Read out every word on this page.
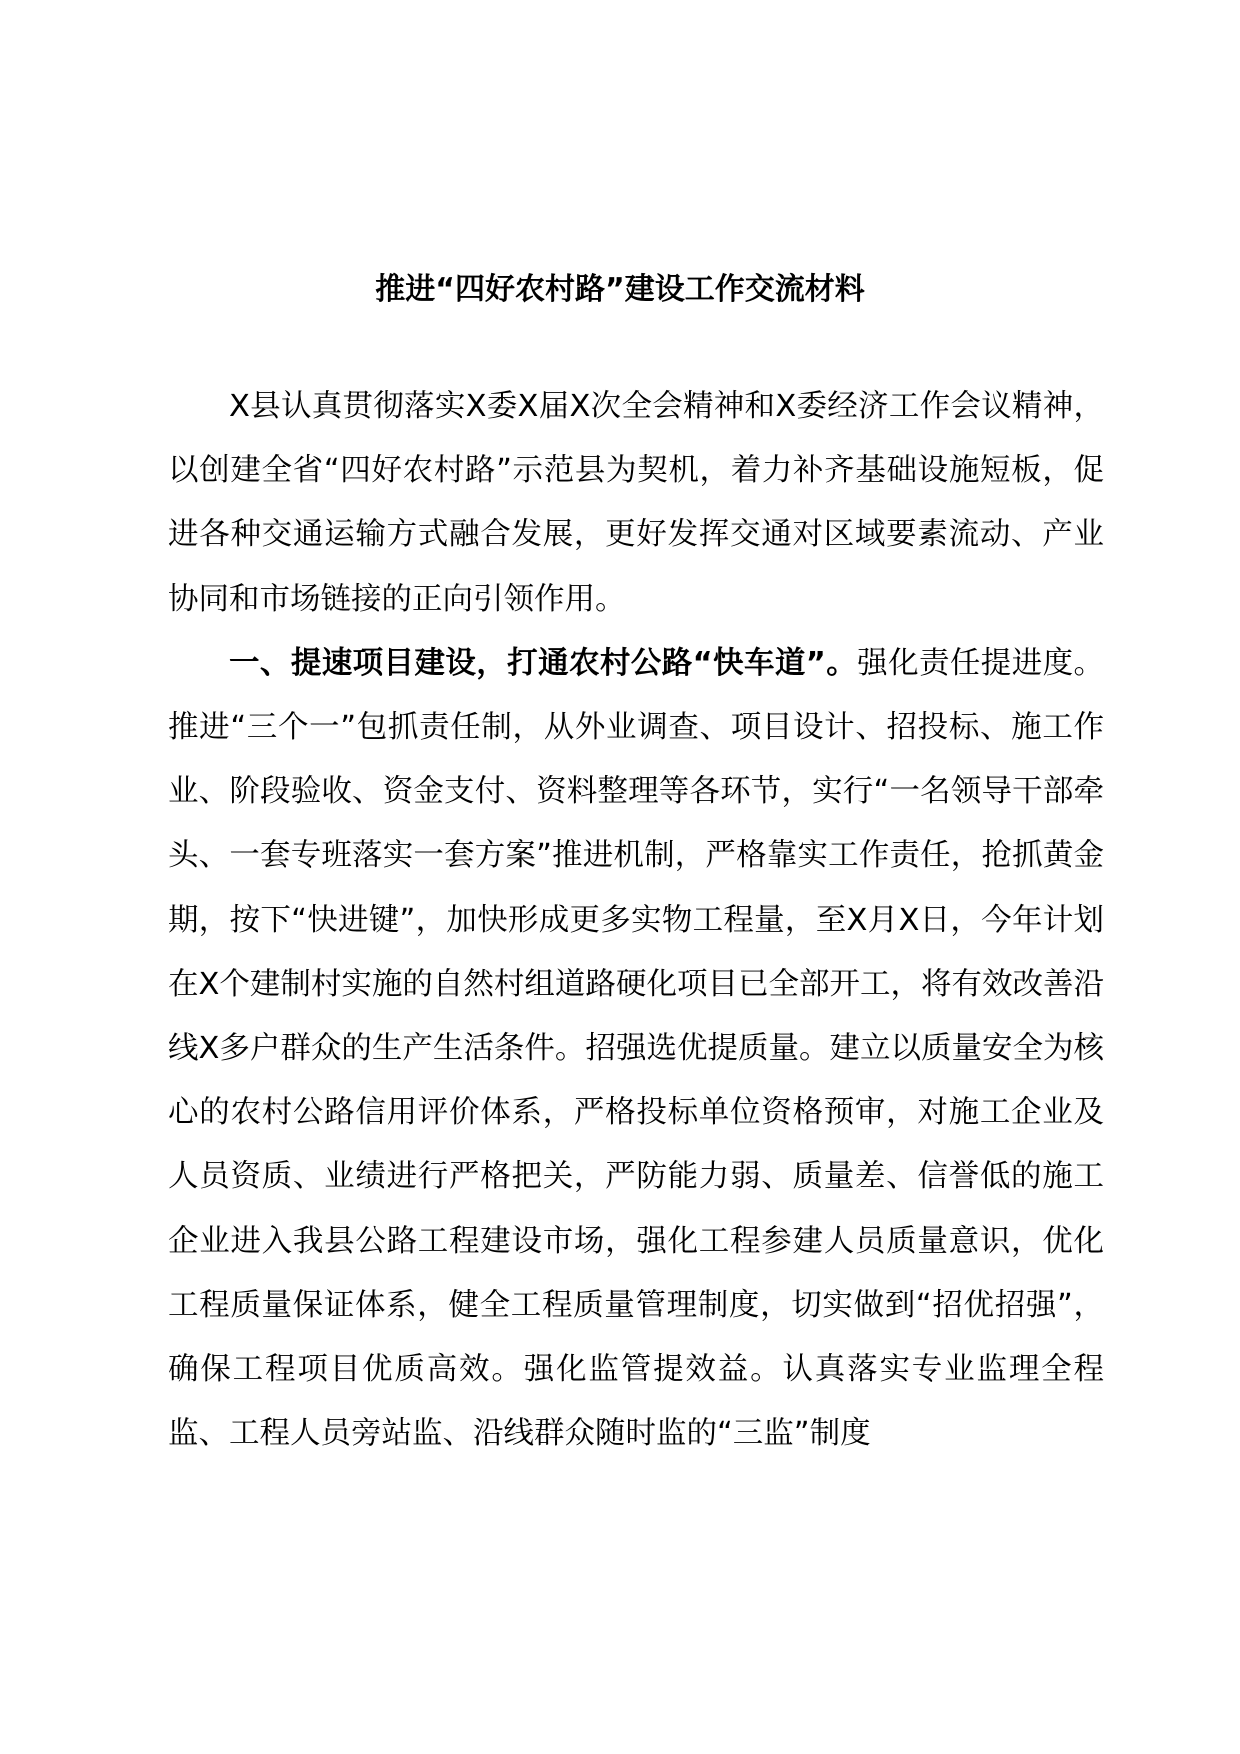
推进“四好农村路”建设工作交流材料

X县认真贯彻落实X委X届X次全会精神和X委经济工作会议精神，以创建全省“四好农村路”示范县为契机，着力补齐基础设施短板，促进各种交通运输方式融合发展，更好发挥交通对区域要素流动、产业协同和市场链接的正向引领作用。

一、提速项目建设，打通农村公路“快车道”。强化责任提进度。推进“三个一”包抓责任制，从外业调查、项目设计、招投标、施工作业、阶段验收、资金支付、资料整理等各环节，实行“一名领导干部牵头、一套专班落实一套方案”推进机制，严格靠实工作责任，抢抓黄金期，按下“快进键”，加快形成更多实物工程量，至X月X日，今年计划在X个建制村实施的自然村组道路硬化项目已全部开工，将有效改善沿线X多户群众的生产生活条件。招强选优提质量。建立以质量安全为核心的农村公路信用评价体系，严格投标单位资格预审，对施工企业及人员资质、业绩进行严格把关，严防能力弱、质量差、信誉低的施工企业进入我县公路工程建设市场，强化工程参建人员质量意识，优化工程质量保证体系，健全工程质量管理制度，切实做到“招优招强”，确保工程项目优质高效。强化监管提效益。认真落实专业监理全程监、工程人员旁站监、沿线群众随时监的“三监”制度
